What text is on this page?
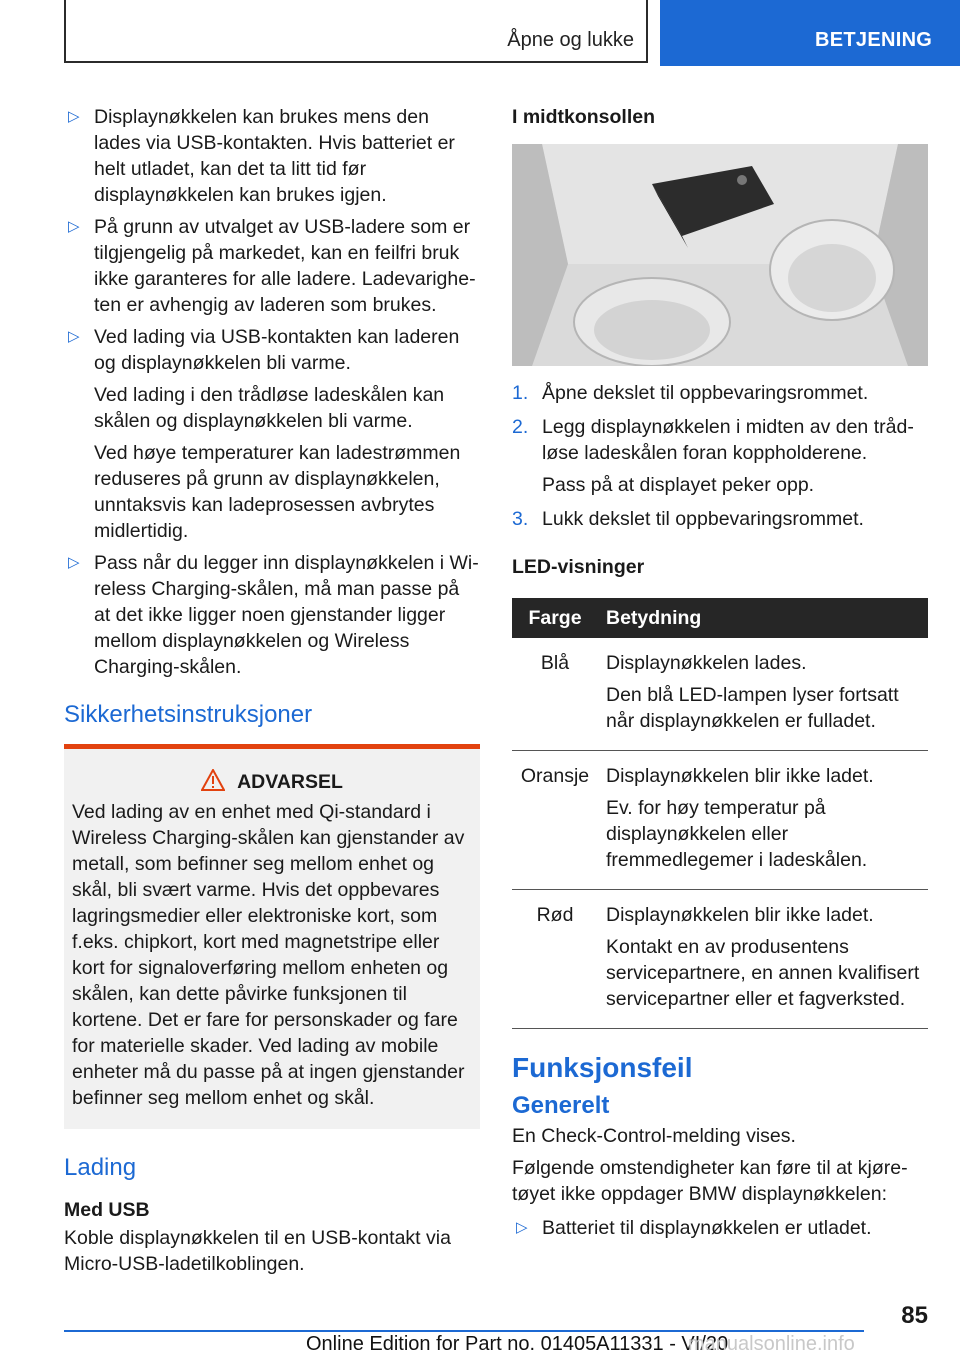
Åpne og lukke	BETJENING
▷ Displaynøkkelen kan brukes mens den lades via USB-kontakten. Hvis batteriet er helt utladet, kan det ta litt tid før displaynøkkelen kan brukes igjen.

▷ På grunn av utvalget av USB-ladere som er tilgjengelig på markedet, kan en feilfri bruk ikke garanteres for alle ladere. Ladevarigheten er avhengig av laderen som brukes.

▷ Ved lading via USB-kontakten kan laderen og displaynøkkelen bli varme.

Ved lading i den trådløse ladeskålen kan skålen og displaynøkkelen bli varme.

Ved høye temperaturer kan ladestrømmen reduseres på grunn av displaynøkkelen, unntaksvis kan ladeprosessen avbrytes midlertidig.

▷ Pass når du legger inn displaynøkkelen i Wireless Charging-skålen, må man passe på at det ikke ligger noen gjenstander ligger mellom displaynøkkelen og Wireless Charging-skålen.

Sikkerhetsinstruksjoner
ADVARSEL

Ved lading av en enhet med Qi-standard i Wireless Charging-skålen kan gjenstander av metall, som befinner seg mellom enhet og skål, bli svært varme. Hvis det oppbevares lagringsmedier eller elektroniske kort, som f.eks. chipkort, kort med magnetstripe eller kort for signaloverføring mellom enheten og skålen, kan dette påvirke funksjonen til kortene. Det er fare for personskader og fare for materielle skader. Ved lading av mobile enheter må du passe på at ingen gjenstander befinner seg mellom enhet og skål.

Lading
Med USB

Koble displaynøkkelen til en USB-kontakt via Micro-USB-ladetilkoblingen.

I midtkonsollen
1. Åpne dekslet til oppbevaringsrommet.

2. Legg displaynøkkelen i midten av den trådløse ladeskålen foran koppholderene.

Pass på at displayet peker opp.

3. Lukk dekslet til oppbevaringsrommet.

LED-visninger
Farge	Betydning
Blå	Displaynøkkelen lades.

Den blå LED-lampen lyser fortsatt når displaynøkkelen er fulladet.

Oransje	Displaynøkkelen blir ikke ladet.

Ev. for høy temperatur på displaynøkkelen eller fremmedlegemer i ladeskålen.

Rød	Displaynøkkelen blir ikke ladet.

Kontakt en av produsentens servicepartnere, en annen kvalifisert servicepartner eller et fagverksted.

Funksjonsfeil
Generelt

En Check-Control-melding vises.

Følgende omstendigheter kan føre til at kjøretøyet ikke oppdager BMW displaynøkkelen:

▷ Batteriet til displaynøkkelen er utladet.

85
Online Edition for Part no. 01405A11331 - VI/20
manualsonline.info
